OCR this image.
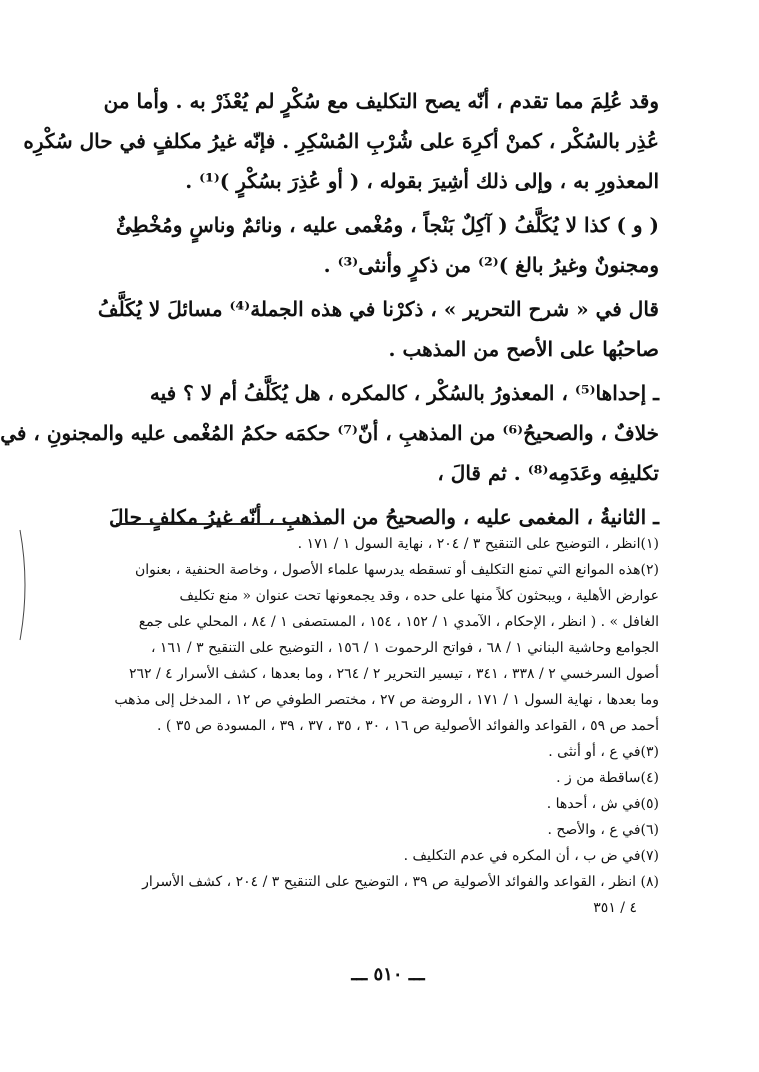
وقد عُلِمَ مما تقدم ، أنّه يصح التكليف مع سُكْرٍ لم يُعْذَرْ به . وأما من
عُذِر بالسُكْر ، كمنْ أكرِهَ على شُرْبِ المُسْكِرِ . فإنّه غيرُ مكلفٍ في حال سُكْرِه
المعذورِ به ، وإلى ذلك أشِيرَ بقوله ، ( أو عُذِرَ بسُكْرٍ )⁽¹⁾ .
( و ) كذا لا يُكَلَّفُ ( آكِلٌ بَنْجاً ، ومُغْمى عليه ، ونائمٌ وناسٍ ومُخْطِئٌ
ومجنونٌ وغيرُ بالغ )⁽²⁾ من ذكرٍ وأنثى⁽³⁾ .
قال في « شرح التحرير » ، ذكرْنا في هذه الجملة⁽⁴⁾ مسائلَ لا يُكَلَّفُ
صاحبُها على الأصح من المذهب .
ـ إحداها⁽⁵⁾ ، المعذورُ بالسُكْر ، كالمكره ، هل يُكَلَّفُ أم لا ؟ فيه
خلافٌ ، والصحيحُ⁽⁶⁾ من المذهبِ ، أنّ⁽⁷⁾ حكمَه حكمُ المُغْمى عليه والمجنونِ ، في
تكليفِه وعَدَمِه⁽⁸⁾ . ثم قالَ ،
ـ الثانيةُ ، المغمى عليه ، والصحيحُ من المذهبِ ، أنّه غيرُ مكلفٍ حالَ
(١)انظر ، التوضيح على التنقيح ٣ / ٢٠٤ ، نهاية السول ١ / ١٧١ .
(٢)هذه الموانع التي تمنع التكليف أو تسقطه يدرسها علماء الأصول ، وخاصة الحنفية ، بعنوان
عوارض الأهلية ، ويبحثون كلاً منها على حده ، وقد يجمعونها تحت عنوان « منع تكليف
الغافل » . ( انظر ، الإحكام ، الآمدي ١ / ١٥٢ ، ١٥٤ ، المستصفى ١ / ٨٤ ، المحلي على جمع
الجوامع وحاشية البناني ١ / ٦٨ ، فواتح الرحموت ١ / ١٥٦ ، التوضيح على التنقيح ٣ / ١٦١ ،
أصول السرخسي ٢ / ٣٣٨ ، ٣٤١ ، تيسير التحرير ٢ / ٢٦٤ ، وما بعدها ، كشف الأسرار ٤ / ٢٦٢
وما بعدها ، نهاية السول ١ / ١٧١ ، الروضة ص ٢٧ ، مختصر الطوفي ص ١٢ ، المدخل إلى مذهب
أحمد ص ٥٩ ، القواعد والفوائد الأصولية ص ١٦ ، ٣٠ ، ٣٥ ، ٣٧ ، ٣٩ ، المسودة ص ٣٥ ) .
(٣)في ع ، أو أنثى .
(٤)ساقطة من ز .
(٥)في ش ، أحدها .
(٦)في ع ، والأصح .
(٧)في ض ب ، أن المكره في عدم التكليف .
(٨) انظر ، القواعد والفوائد الأصولية ص ٣٩ ، التوضيح على التنقيح ٣ / ٢٠٤ ، كشف الأسرار
٤ / ٣٥١
ـــ ٥١٠ ـــ
